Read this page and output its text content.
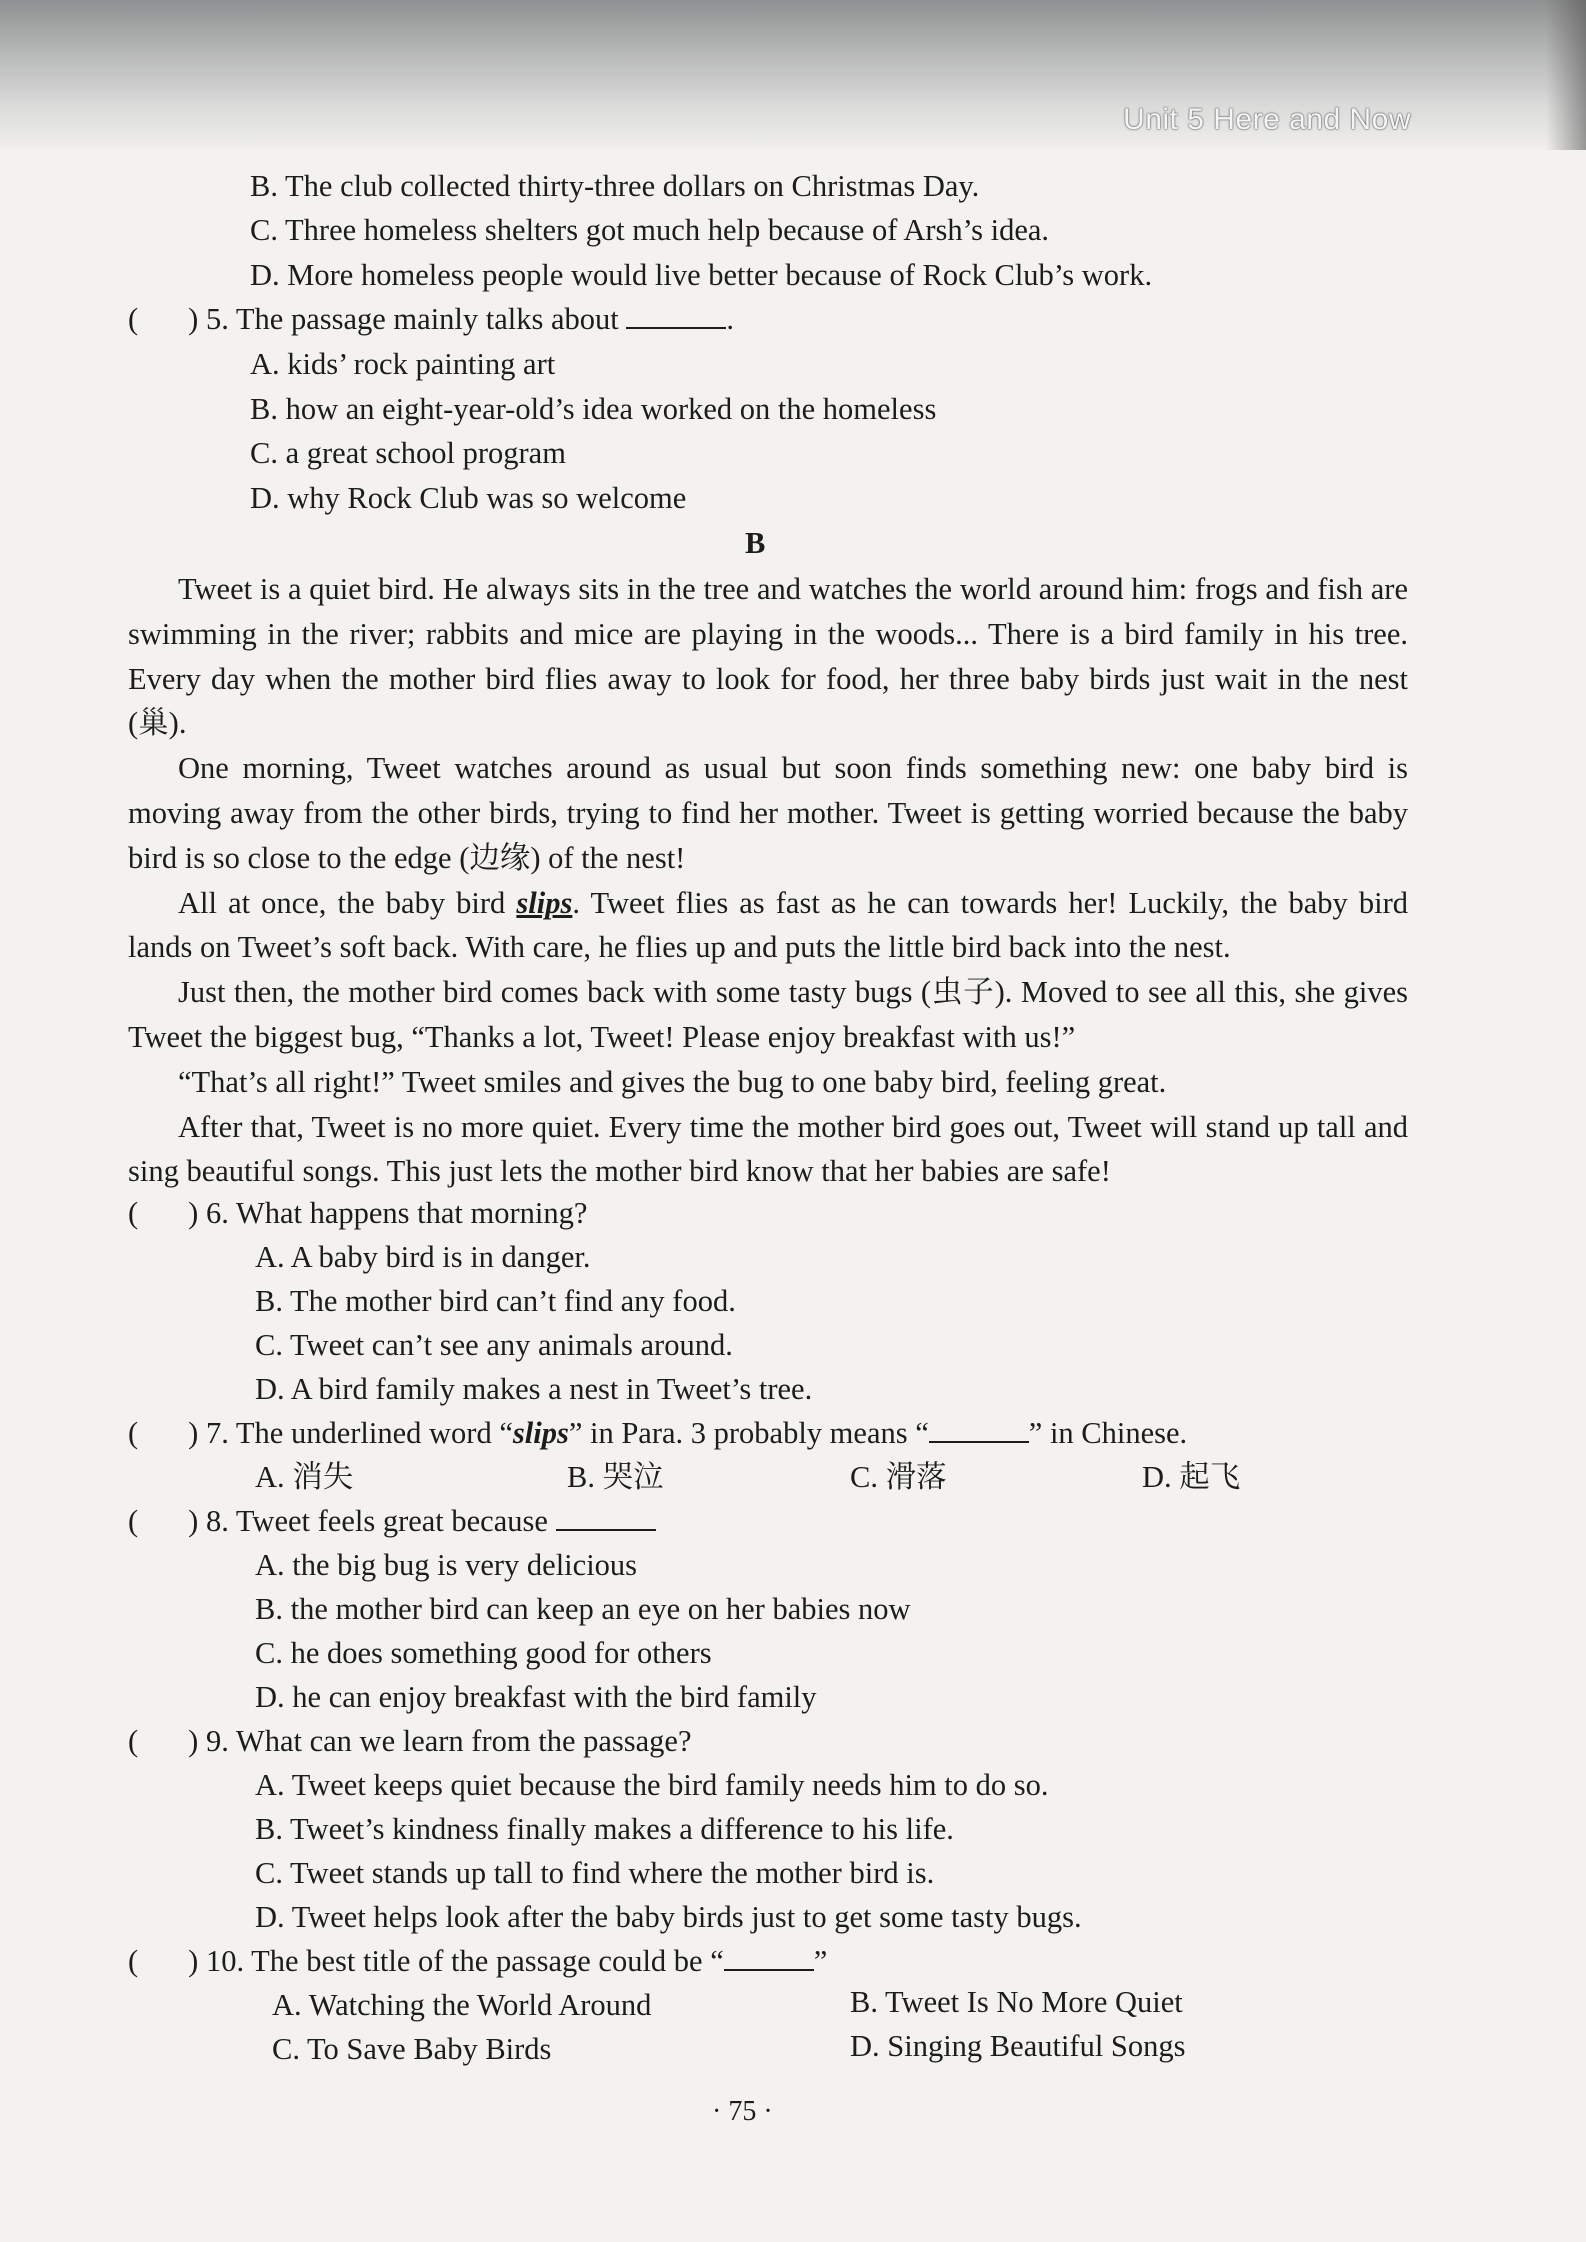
Unit 5 Here and Now
B. The club collected thirty-three dollars on Christmas Day.
C. Three homeless shelters got much help because of Arsh’s idea.
D. More homeless people would live better because of Rock Club’s work.
( ) 5. The passage mainly talks about	.
A. kids’ rock painting art
B. how an eight-year-old’s idea worked on the homeless
C. a great school program
D. why Rock Club was so welcome
B

Tweet is a quiet bird. He always sits in the tree and watches the world around him: frogs and fish are swimming in the river; rabbits and mice are playing in the woods... There is a bird family in his tree. Every day when the mother bird flies away to look for food, her three baby birds just wait in the nest (巢).

One morning, Tweet watches around as usual but soon finds something new: one baby bird is moving away from the other birds, trying to find her mother. Tweet is getting worried because the baby bird is so close to the edge (边缘) of the nest!

All at once, the baby bird slips. Tweet flies as fast as he can towards her! Luckily, the baby bird lands on Tweet’s soft back. With care, he flies up and puts the little bird back into the nest.

Just then, the mother bird comes back with some tasty bugs (虫子). Moved to see all this, she gives Tweet the biggest bug, “Thanks a lot, Tweet! Please enjoy breakfast with us!”

“That’s all right!” Tweet smiles and gives the bug to one baby bird, feeling great.

After that, Tweet is no more quiet. Every time the mother bird goes out, Tweet will stand up tall and sing beautiful songs. This just lets the mother bird know that her babies are safe!

( ) 6. What happens that morning?
A. A baby bird is in danger.
B. The mother bird can’t find any food.
C. Tweet can’t see any animals around.
D. A bird family makes a nest in Tweet’s tree.
( ) 7. The underlined word “slips” in Para. 3 probably means “	” in Chinese.
A. 消失	B. 哭泣	C. 滑落	D. 起飞
( ) 8. Tweet feels great because
A. the big bug is very delicious
B. the mother bird can keep an eye on her babies now
C. he does something good for others
D. he can enjoy breakfast with the bird family
( ) 9. What can we learn from the passage?
A. Tweet keeps quiet because the bird family needs him to do so.
B. Tweet’s kindness finally makes a difference to his life.
C. Tweet stands up tall to find where the mother bird is.
D. Tweet helps look after the baby birds just to get some tasty bugs.
( ) 10. The best title of the passage could be “	”
A. Watching the World Around	B. Tweet Is No More Quiet
C. To Save Baby Birds	D. Singing Beautiful Songs
· 75 ·
